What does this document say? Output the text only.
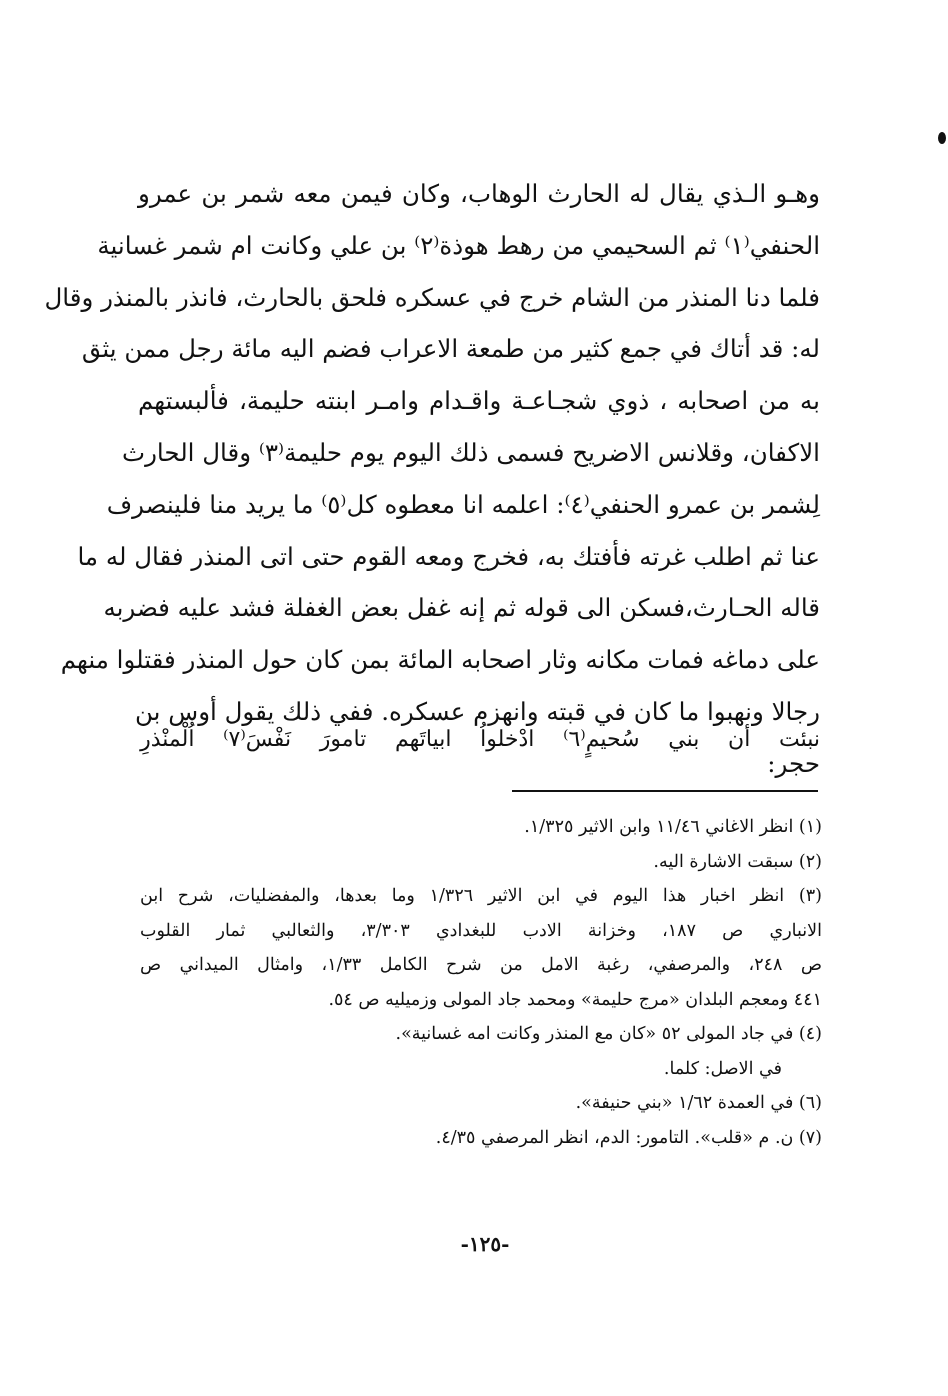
وهـو الـذي يقال له الحارث الوهاب، وكان فيمن معه شمر بن عمرو
الحنفي⁽١⁾ ثم السحيمي من رهط هوذة⁽٢⁾ بن علي وكانت ام شمر غسانية
فلما دنا المنذر من الشام خرج في عسكره فلحق بالحارث، فانذر بالمنذر وقال
له: قد أتاك في جمع كثير من طمعة الاعراب فضم اليه مائة رجل ممن يثق
به من اصحابه ، ذوي شجـاعـة واقـدام وامـر ابنته حليمة، فألبستهم
الاكفان، وقلانس الاضريح فسمى ذلك اليوم يوم حليمة⁽٣⁾ وقال الحارث
لِشمر بن عمرو الحنفي⁽٤⁾: اعلمه انا معطوه كل⁽٥⁾ ما يريد منا فلينصرف
عنا ثم اطلب غرته فأفتك به، فخرج ومعه القوم حتى اتى المنذر فقال له ما
قاله الحـارث،فسكن الى قوله ثم إنه غفل بعض الغفلة فشد عليه فضربه
على دماغه فمات مكانه وثار اصحابه المائة بمن كان حول المنذر فقتلوا منهم
رجالا ونهبوا ما كان في قبته وانهزم عسكره. ففي ذلك يقول أوس بن
حجر:
نبئت
أن
بني
سُحيمٍ⁽٦⁾
ادْخلواُ
ابياتَهم
تامورَ
نَفْسَ⁽٧⁾
اُلْمنْذرِ
(١) انظر الاغاني ١١/٤٦ وابن الاثير ١/٣٢٥.
(٢) سبقت الاشارة اليه.
(٣) انظر اخبار هذا اليوم في ابن الاثير ١/٣٢٦ وما بعدها، والمفضليات، شرح ابن
الانباري ص ١٨٧، وخزانة الادب للبغدادي ٣/٣٠٣، والثعالبي ثمار القلوب
ص ٢٤٨، والمرصفي، رغبة الامل من شرح الكامل ١/٣٣، وامثال الميداني ص
٤٤١ ومعجم البلدان «مرج حليمة» ومحمد جاد المولى وزميليه ص ٥٤.
(٤) في جاد المولى ٥٢ «كان مع المنذر وكانت امه غسانية».
في الاصل: كلما.
(٦) في العمدة ١/٦٢ «بني حنيفة».
(٧) ن. م «قلب». التامور: الدم، انظر المرصفي ٤/٣٥.
-١٢٥-
